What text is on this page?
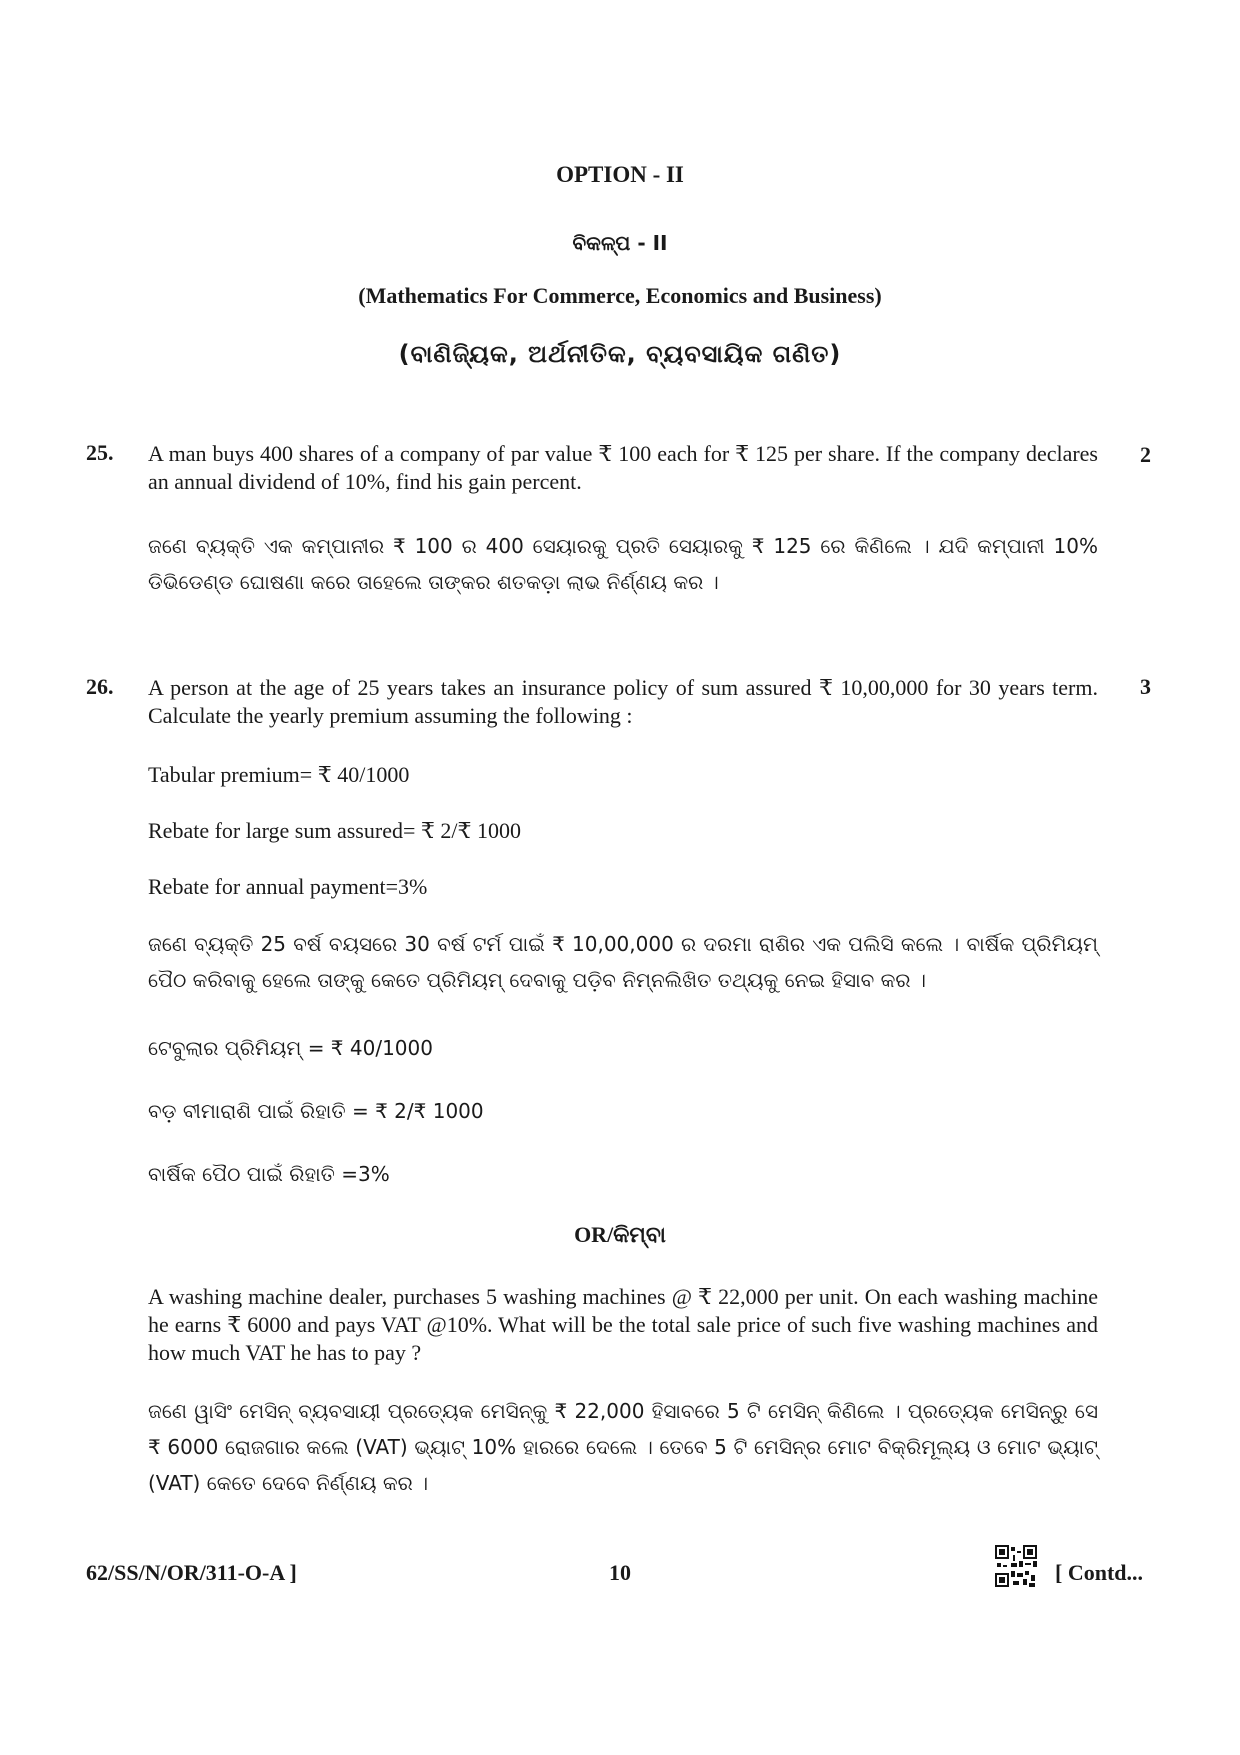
OPTION - II
ବିକଳ୍ପ - II
(Mathematics For Commerce, Economics and Business)
(ବାଣିଜ୍ୟିକ, ଅର୍ଥନୀତିକ, ବ୍ୟବସାୟିକ ଗଣିତ)
25.	2
A man buys 400 shares of a company of par value ₹ 100 each for ₹ 125 per share. If the company declares an annual dividend of 10%, find his gain percent.
ଜଣେ ବ୍ୟକ୍ତି ଏକ କମ୍ପାନୀର ₹ 100 ର 400 ସେୟାରକୁ ପ୍ରତି ସେୟାରକୁ ₹ 125 ରେ କିଣିଲେ । ଯଦି କମ୍ପାନୀ 10% ଡିଭିଡେଣ୍ଡ ଘୋଷଣା କରେ ତାହେଲେ ତାଙ୍କର ଶତକଡ଼ା ଲାଭ ନିର୍ଣ୍ଣୟ କର ।
26.	3
A person at the age of 25 years takes an insurance policy of sum assured ₹ 10,00,000 for 30 years term. Calculate the yearly premium assuming the following :
Tabular premium= ₹ 40/1000
Rebate for large sum assured= ₹ 2/₹ 1000
Rebate for annual payment=3%
ଜଣେ ବ୍ୟକ୍ତି 25 ବର୍ଷ ବୟସରେ 30 ବର୍ଷ ଟର୍ମ ପାଇଁ ₹ 10,00,000 ର ଦରମା ରାଶିର ଏକ ପଲିସି କଲେ । ବାର୍ଷିକ ପ୍ରିମିୟମ୍ ପୈଠ କରିବାକୁ ହେଲେ ତାଙ୍କୁ କେତେ ପ୍ରିମିୟମ୍ ଦେବାକୁ ପଡ଼ିବ ନିମ୍ନଲିଖିତ ତଥ୍ୟକୁ ନେଇ ହିସାବ କର ।
ଟେବୁଲାର ପ୍ରିମିୟମ୍ = ₹ 40/1000
ବଡ଼ ବୀମାରାଶି ପାଇଁ ରିହାତି = ₹ 2/₹ 1000
ବାର୍ଷିକ ପୈଠ ପାଇଁ ରିହାତି =3%
OR/କିମ୍ବା
A washing machine dealer, purchases 5 washing machines @ ₹ 22,000 per unit. On each washing machine he earns ₹ 6000 and pays VAT @10%. What will be the total sale price of such five washing machines and how much VAT he has to pay ?
ଜଣେ ୱାସିଂ ମେସିନ୍ ବ୍ୟବସାୟୀ ପ୍ରତ୍ୟେକ ମେସିନ୍‌କୁ ₹ 22,000 ହିସାବରେ 5 ଟି ମେସିନ୍ କିଣିଲେ । ପ୍ରତ୍ୟେକ ମେସିନ୍‌ରୁ ସେ ₹ 6000 ରୋଜଗାର କଲେ (VAT) ଭ୍ୟାଟ୍ 10% ହାରରେ ଦେଲେ । ତେବେ 5 ଟି ମେସିନ୍‌ର ମୋଟ ବିକ୍ରିମୂଲ୍ୟ ଓ ମୋଟ ଭ୍ୟାଟ୍ (VAT) କେତେ ଦେବେ ନିର୍ଣ୍ଣୟ କର ।
62/SS/N/OR/311-O-A ]	10	[ Contd...
